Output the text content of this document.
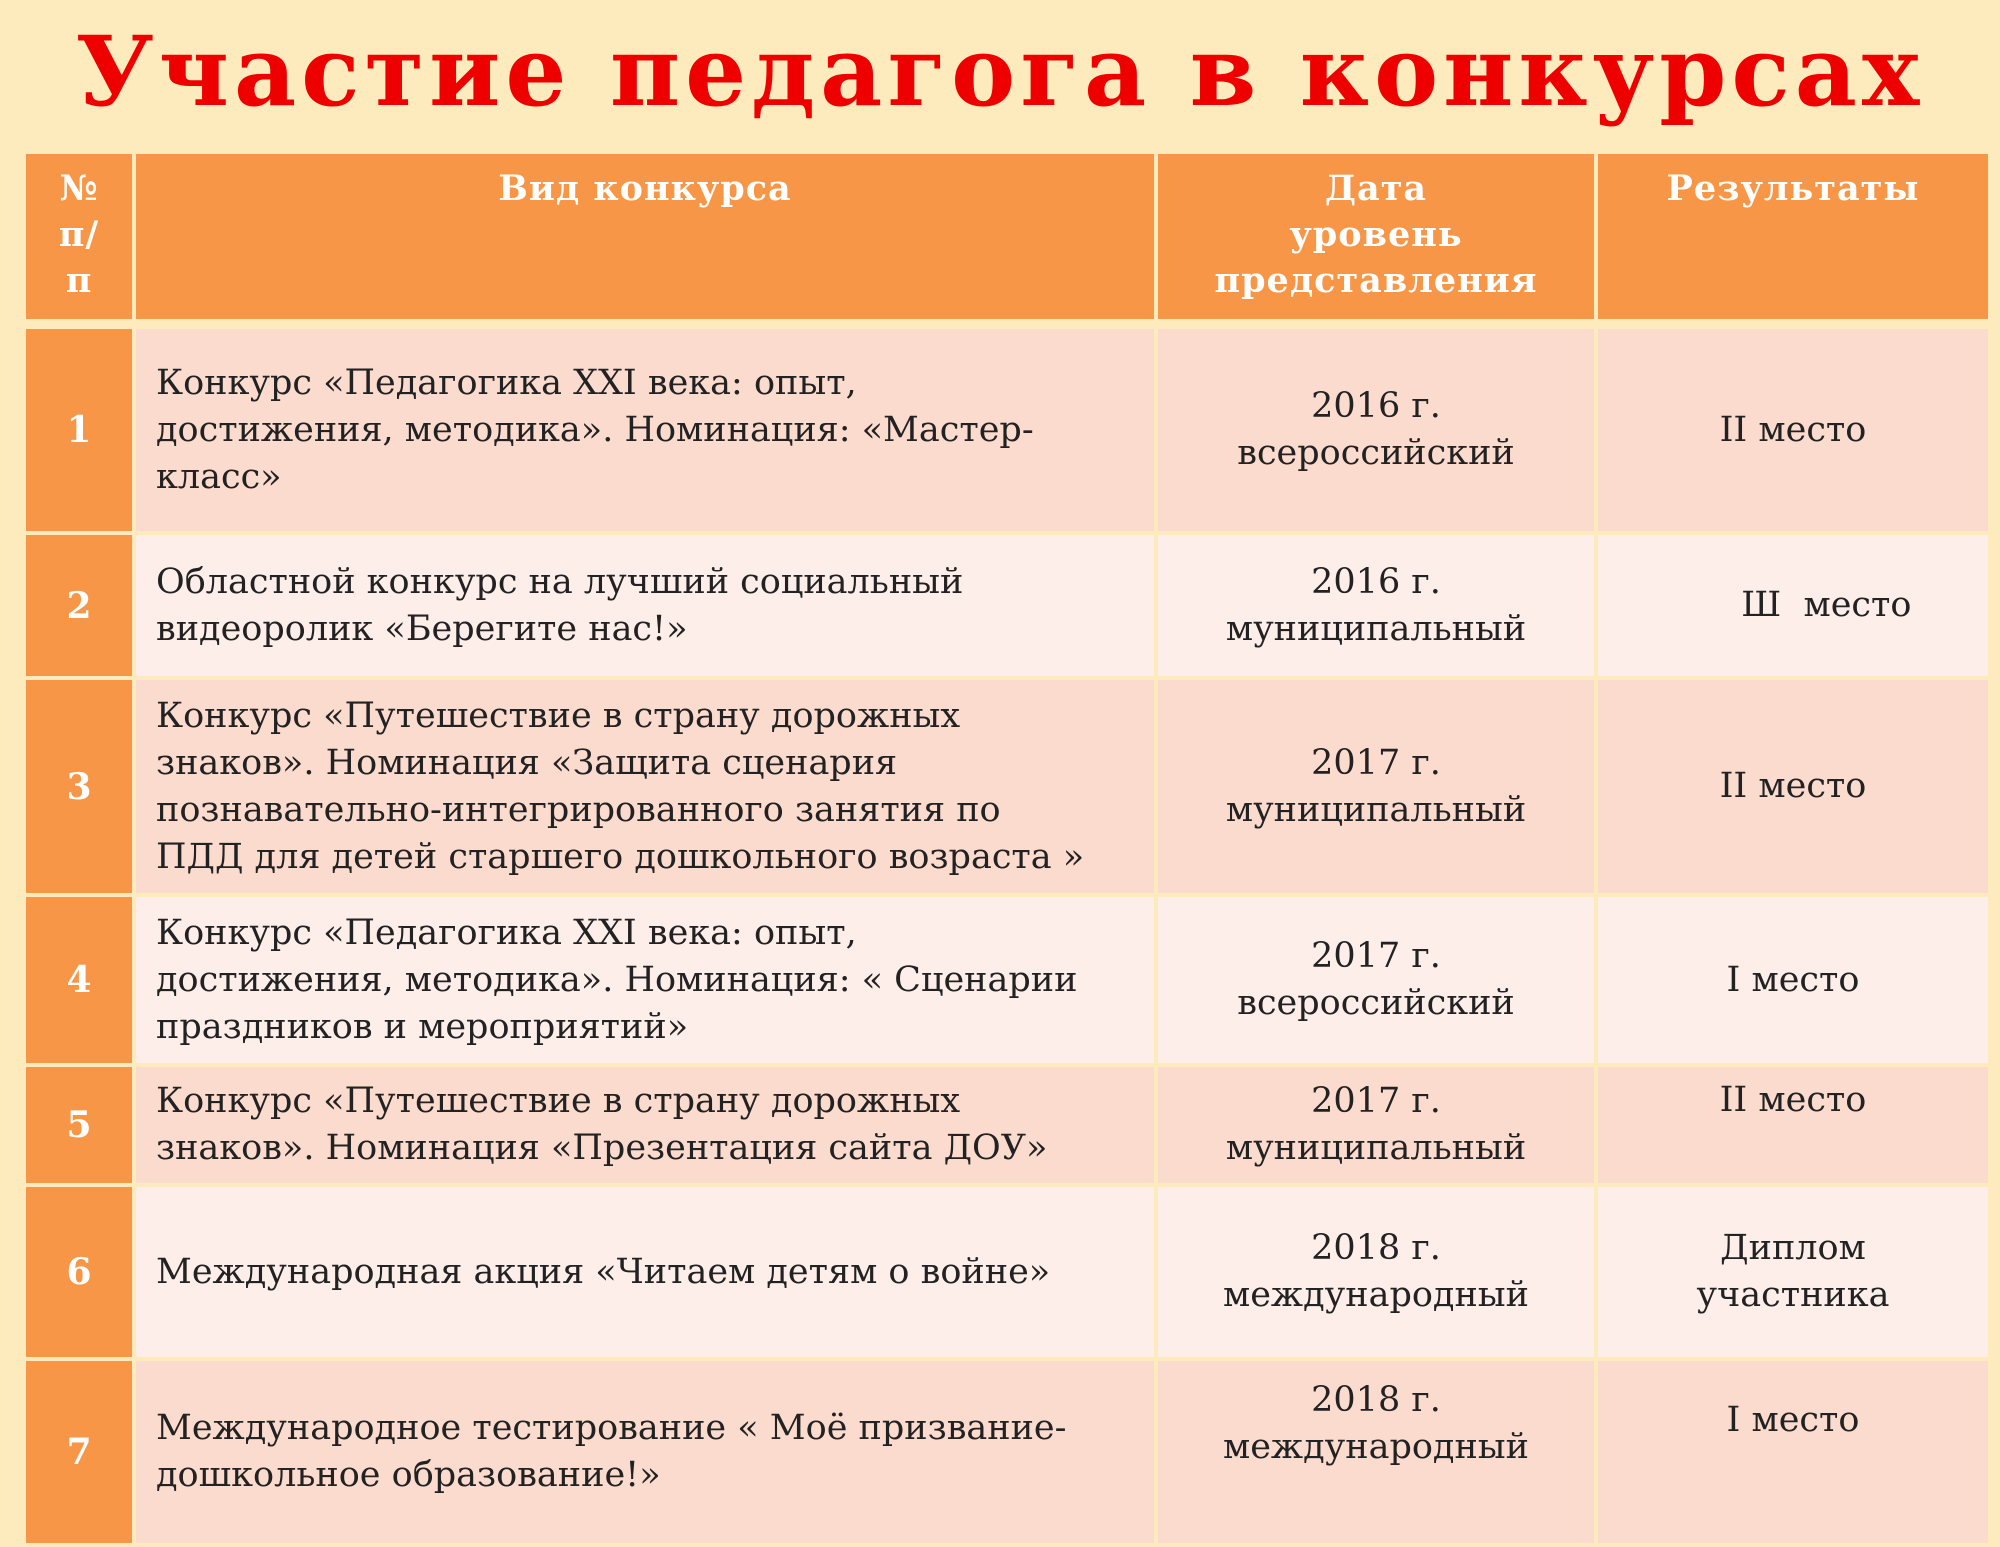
Участие педагога в конкурсах
№
п/
п	Вид конкурса	Дата
уровень
представления	Результаты

1	Конкурс «Педагогика XXI века: опыт,
достижения, методика». Номинация: «Мастер-
класс»	2016 г.
всероссийский	II место
2	Областной конкурс на лучший социальный
видеоролик «Берегите нас!»	2016 г.
муниципальный	Ш  место

3	Конкурс «Путешествие в страну дорожных
знаков». Номинация «Защита сценария
познавательно-интегрированного занятия по
ПДД для детей старшего дошкольного возраста »	2017 г.
муниципальный	II место
4	Конкурс «Педагогика XXI века: опыт,
достижения, методика». Номинация: « Сценарии
праздников и мероприятий»	2017 г.
всероссийский	I место
5	Конкурс «Путешествие в страну дорожных
знаков». Номинация «Презентация сайта ДОУ»	2017 г.
муниципальный	II место
6	Международная акция «Читаем детям о войне»	2018 г.
международный	Диплом
участника
7	Международное тестирование « Моё призвание-
дошкольное образование!»	2018 г.
международный	I место
